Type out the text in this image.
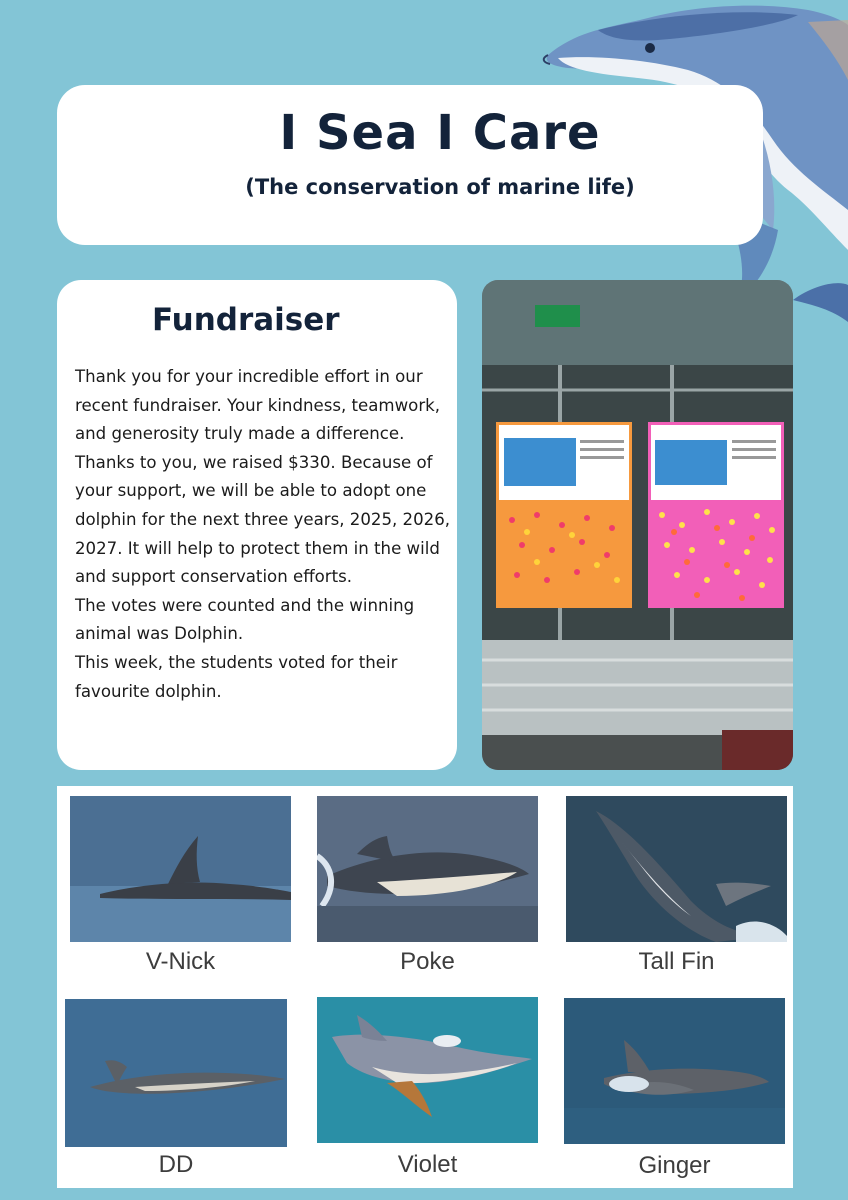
I Sea I Care
(The conservation of marine life)
Fundraiser

Thank you for your incredible effort in our recent fundraiser. Your kindness, teamwork, and generosity truly made a difference. Thanks to you, we raised $330. Because of your support, we will be able to adopt one dolphin for the next three years, 2025, 2026, 2027. It will help to protect them in the wild and support conservation efforts.

The votes were counted and the winning animal was Dolphin.

This week, the students voted for their favourite dolphin.

V-Nick	Poke	Tall Fin
DD	Violet	Ginger
